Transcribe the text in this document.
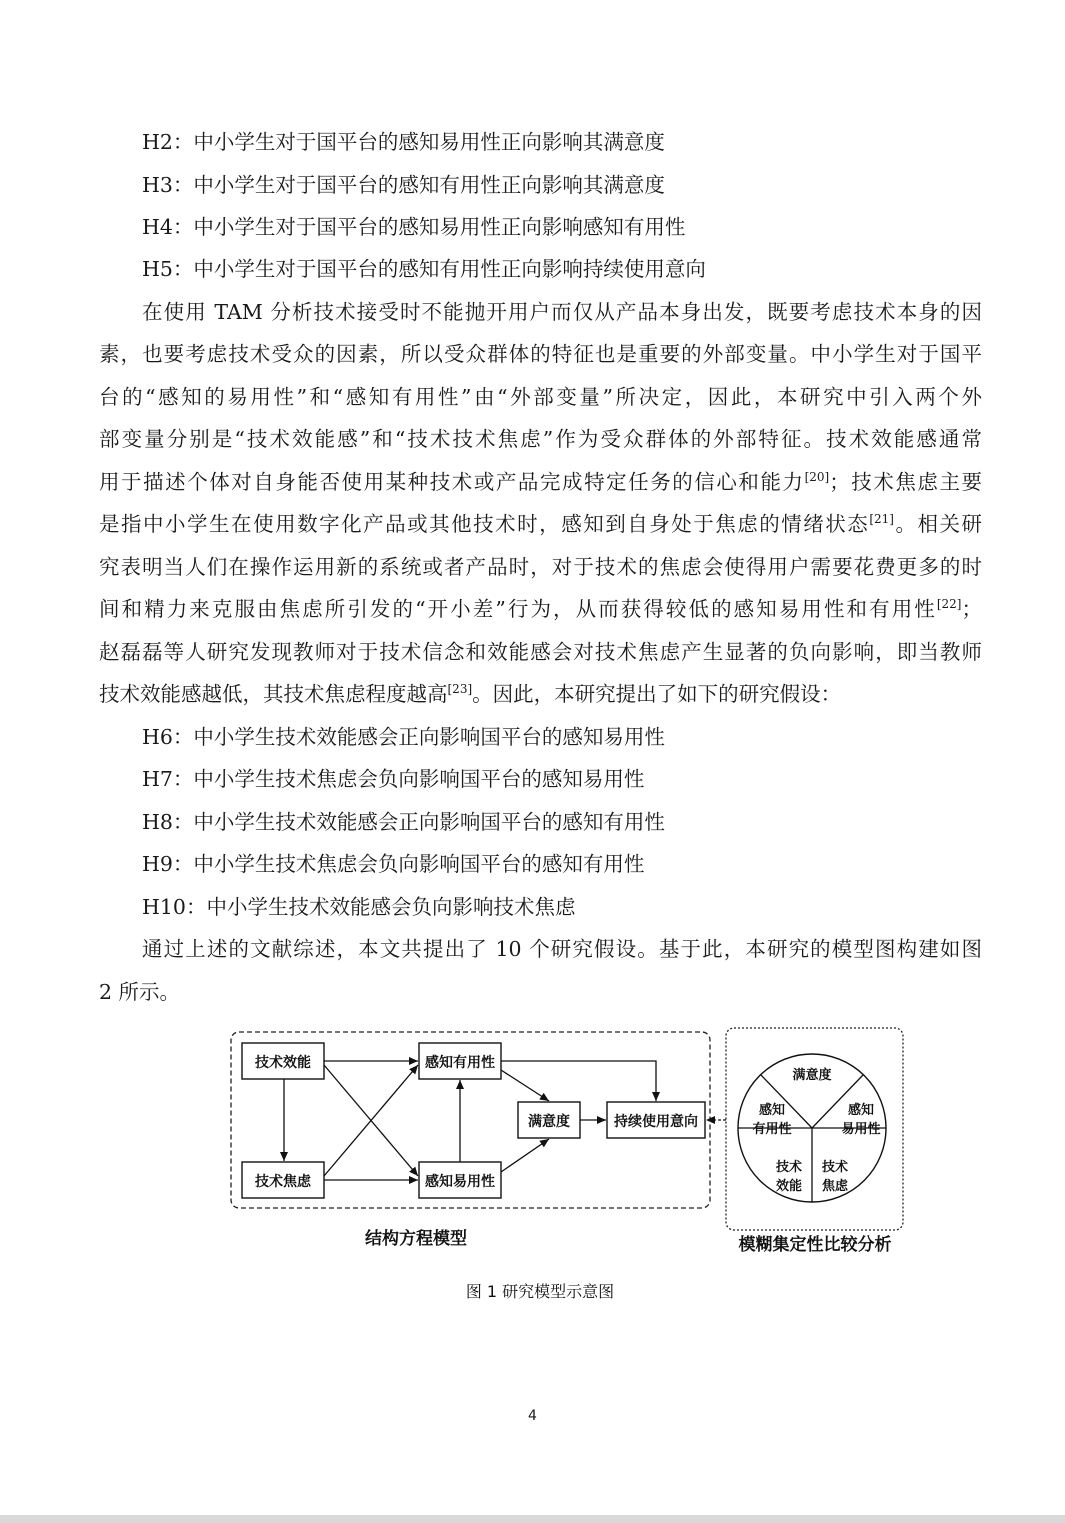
H2：中小学生对于国平台的感知易用性正向影响其满意度
H3：中小学生对于国平台的感知有用性正向影响其满意度
H4：中小学生对于国平台的感知易用性正向影响感知有用性
H5：中小学生对于国平台的感知有用性正向影响持续使用意向
在使用 TAM 分析技术接受时不能抛开用户而仅从产品本身出发，既要考虑技术本身的因
素，也要考虑技术受众的因素，所以受众群体的特征也是重要的外部变量。中小学生对于国平
台的“感知的易用性”和“感知有用性”由“外部变量”所决定，因此，本研究中引入两个外
部变量分别是“技术效能感”和“技术技术焦虑”作为受众群体的外部特征。技术效能感通常
用于描述个体对自身能否使用某种技术或产品完成特定任务的信心和能力[20]；技术焦虑主要
是指中小学生在使用数字化产品或其他技术时，感知到自身处于焦虑的情绪状态[21]。相关研
究表明当人们在操作运用新的系统或者产品时，对于技术的焦虑会使得用户需要花费更多的时
间和精力来克服由焦虑所引发的“开小差”行为，从而获得较低的感知易用性和有用性[22]；
赵磊磊等人研究发现教师对于技术信念和效能感会对技术焦虑产生显著的负向影响，即当教师
技术效能感越低，其技术焦虑程度越高[23]。因此，本研究提出了如下的研究假设：
H6：中小学生技术效能感会正向影响国平台的感知易用性
H7：中小学生技术焦虑会负向影响国平台的感知易用性
H8：中小学生技术效能感会正向影响国平台的感知有用性
H9：中小学生技术焦虑会负向影响国平台的感知有用性
H10：中小学生技术效能感会负向影响技术焦虑
通过上述的文献综述，本文共提出了 10 个研究假设。基于此，本研究的模型图构建如图
2 所示。
技术效能
技术焦虑
感知有用性
感知易用性
满意度	持续使用意向
满意度
感知
有用性
感知
易用性
技术
效能
技术
焦虑
结构方程模型	模糊集定性比较分析
图 1 研究模型示意图
4
